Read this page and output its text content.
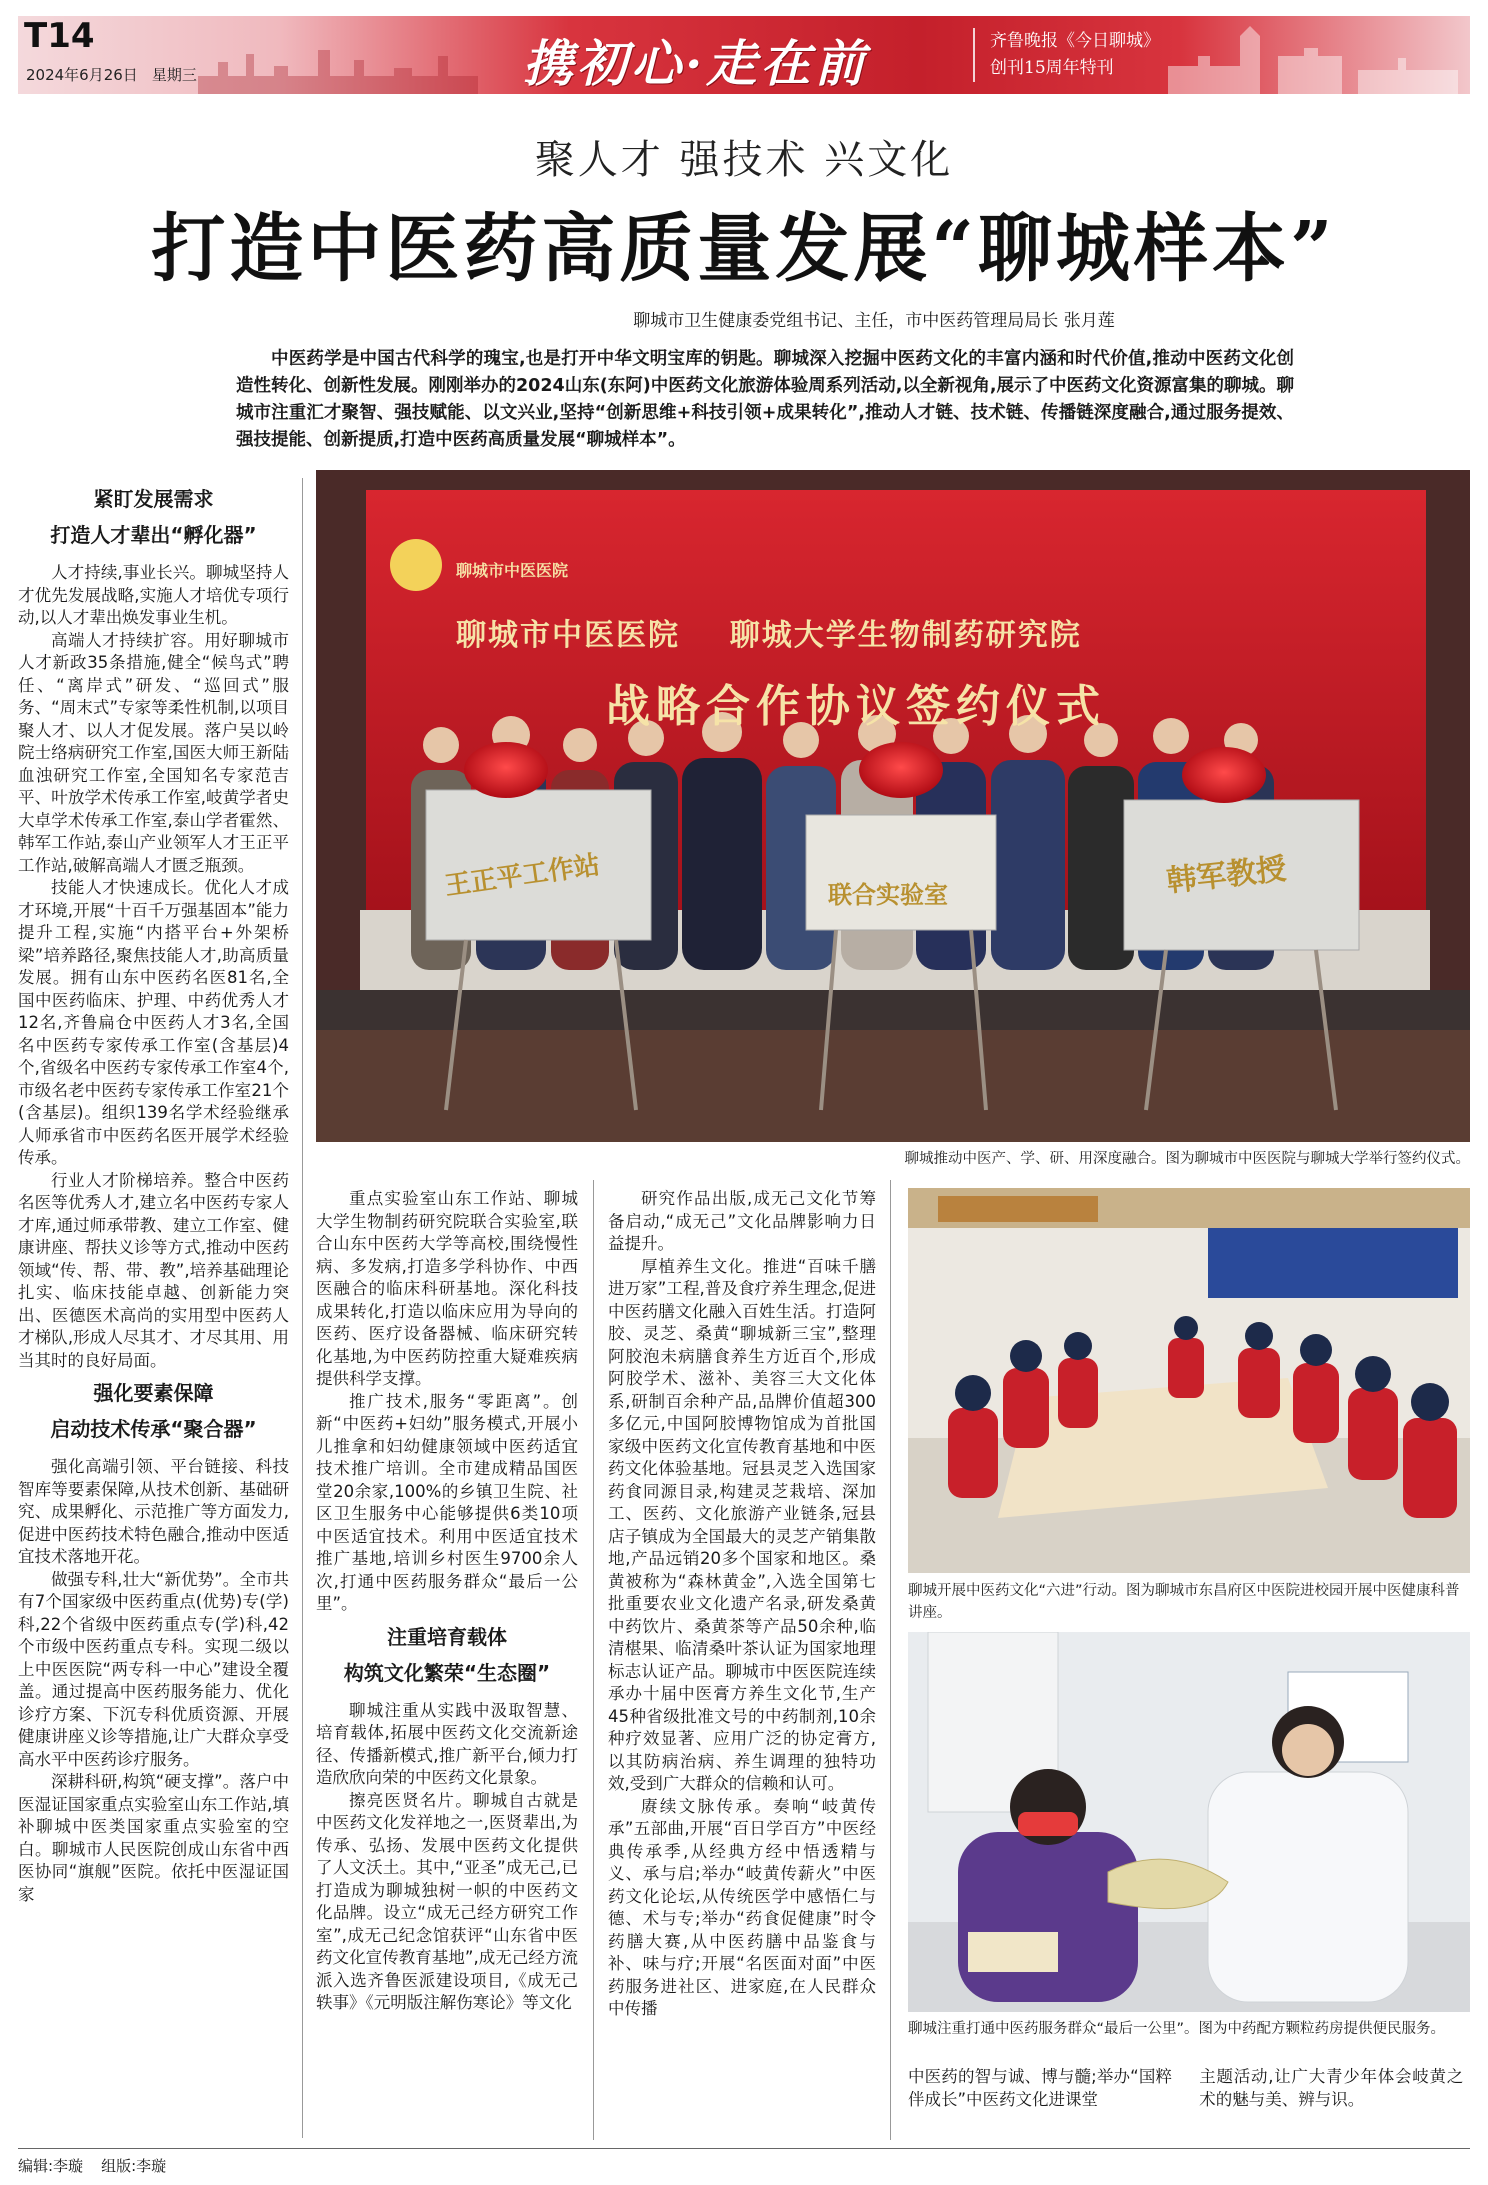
T14
2024年6月26日 星期三	携初心·走在前	齐鲁晚报《今日聊城》
创刊15周年特刊
聚人才 强技术 兴文化
打造中医药高质量发展“聊城样本”
聊城市卫生健康委党组书记、主任，市中医药管理局局长 张月莲
中医药学是中国古代科学的瑰宝,也是打开中华文明宝库的钥匙。聊城深入挖掘中医药文化的丰富内涵和时代价值,推动中医药文化创造性转化、创新性发展。刚刚举办的2024山东(东阿)中医药文化旅游体验周系列活动,以全新视角,展示了中医药文化资源富集的聊城。聊城市注重汇才聚智、强技赋能、以文兴业,坚持“创新思维+科技引领+成果转化”,推动人才链、技术链、传播链深度融合,通过服务提效、强技提能、创新提质,打造中医药高质量发展“聊城样本”。

紧盯发展需求

打造人才辈出“孵化器”

人才持续,事业长兴。聊城坚持人才优先发展战略,实施人才培优专项行动,以人才辈出焕发事业生机。

高端人才持续扩容。用好聊城市人才新政35条措施,健全“候鸟式”聘任、“离岸式”研发、“巡回式”服务、“周末式”专家等柔性机制,以项目聚人才、以人才促发展。落户吴以岭院士络病研究工作室,国医大师王新陆血浊研究工作室,全国知名专家范吉平、叶放学术传承工作室,岐黄学者史大卓学术传承工作室,泰山学者霍然、韩军工作站,泰山产业领军人才王正平工作站,破解高端人才匮乏瓶颈。

技能人才快速成长。优化人才成才环境,开展“十百千万强基固本”能力提升工程,实施“内搭平台+外架桥梁”培养路径,聚焦技能人才,助高质量发展。拥有山东中医药名医81名,全国中医药临床、护理、中药优秀人才12名,齐鲁扁仓中医药人才3名,全国名中医药专家传承工作室(含基层)4个,省级名中医药专家传承工作室4个,市级名老中医药专家传承工作室21个(含基层)。组织139名学术经验继承人师承省市中医药名医开展学术经验传承。

行业人才阶梯培养。整合中医药名医等优秀人才,建立名中医药专家人才库,通过师承带教、建立工作室、健康讲座、帮扶义诊等方式,推动中医药领域“传、帮、带、教”,培养基础理论扎实、临床技能卓越、创新能力突出、医德医术高尚的实用型中医药人才梯队,形成人尽其才、才尽其用、用当其时的良好局面。

强化要素保障

启动技术传承“聚合器”

强化高端引领、平台链接、科技智库等要素保障,从技术创新、基础研究、成果孵化、示范推广等方面发力,促进中医药技术特色融合,推动中医适宜技术落地开花。

做强专科,壮大“新优势”。全市共有7个国家级中医药重点(优势)专(学)科,22个省级中医药重点专(学)科,42个市级中医药重点专科。实现二级以上中医医院“两专科一中心”建设全覆盖。通过提高中医药服务能力、优化诊疗方案、下沉专科优质资源、开展健康讲座义诊等措施,让广大群众享受高水平中医药诊疗服务。

深耕科研,构筑“硬支撑”。落户中医湿证国家重点实验室山东工作站,填补聊城中医类国家重点实验室的空白。聊城市人民医院创成山东省中西医协同“旗舰”医院。依托中医湿证国家

聊城市中医医院
聊城市中医医院    聊城大学生物制药研究院
战略合作协议签约仪式
王正平工作站	联合实验室	韩军教授
聊城推动中医产、学、研、用深度融合。图为聊城市中医医院与聊城大学举行签约仪式。

重点实验室山东工作站、聊城大学生物制药研究院联合实验室,联合山东中医药大学等高校,围绕慢性病、多发病,打造多学科协作、中西医融合的临床科研基地。深化科技成果转化,打造以临床应用为导向的医药、医疗设备器械、临床研究转化基地,为中医药防控重大疑难疾病提供科学支撑。

推广技术,服务“零距离”。创新“中医药+妇幼”服务模式,开展小儿推拿和妇幼健康领域中医药适宜技术推广培训。全市建成精品国医堂20余家,100%的乡镇卫生院、社区卫生服务中心能够提供6类10项中医适宜技术。利用中医适宜技术推广基地,培训乡村医生9700余人次,打通中医药服务群众“最后一公里”。

注重培育载体

构筑文化繁荣“生态圈”

聊城注重从实践中汲取智慧、培育载体,拓展中医药文化交流新途径、传播新模式,推广新平台,倾力打造欣欣向荣的中医药文化景象。

擦亮医贤名片。聊城自古就是中医药文化发祥地之一,医贤辈出,为传承、弘扬、发展中医药文化提供了人文沃土。其中,“亚圣”成无己,已打造成为聊城独树一帜的中医药文化品牌。设立“成无己经方研究工作室”,成无己纪念馆获评“山东省中医药文化宣传教育基地”,成无己经方流派入选齐鲁医派建设项目,《成无己轶事》《元明版注解伤寒论》等文化

研究作品出版,成无己文化节筹备启动,“成无己”文化品牌影响力日益提升。

厚植养生文化。推进“百味千膳进万家”工程,普及食疗养生理念,促进中医药膳文化融入百姓生活。打造阿胶、灵芝、桑黄“聊城新三宝”,整理阿胶泡未病膳食养生方近百个,形成阿胶学术、滋补、美容三大文化体系,研制百余种产品,品牌价值超300多亿元,中国阿胶博物馆成为首批国家级中医药文化宣传教育基地和中医药文化体验基地。冠县灵芝入选国家药食同源目录,构建灵芝栽培、深加工、医药、文化旅游产业链条,冠县店子镇成为全国最大的灵芝产销集散地,产品远销20多个国家和地区。桑黄被称为“森林黄金”,入选全国第七批重要农业文化遗产名录,研发桑黄中药饮片、桑黄茶等产品50余种,临清椹果、临清桑叶茶认证为国家地理标志认证产品。聊城市中医医院连续承办十届中医膏方养生文化节,生产45种省级批准文号的中药制剂,10余种疗效显著、应用广泛的协定膏方,以其防病治病、养生调理的独特功效,受到广大群众的信赖和认可。

赓续文脉传承。奏响“岐黄传承”五部曲,开展“百日学百方”中医经典传承季,从经典方经中悟透精与义、承与启;举办“岐黄传薪火”中医药文化论坛,从传统医学中感悟仁与德、术与专;举办“药食促健康”时令药膳大赛,从中医药膳中品鉴食与补、味与疗;开展“名医面对面”中医药服务进社区、进家庭,在人民群众中传播

聊城开展中医药文化“六进”行动。图为聊城市东昌府区中医院进校园开展中医健康科普讲座。
聊城注重打通中医药服务群众“最后一公里”。图为中药配方颗粒药房提供便民服务。
中医药的智与诚、博与髓;举办“国粹伴成长”中医药文化进课堂 主题活动,让广大青少年体会岐黄之术的魅与美、辨与识。
编辑:李璇 组版:李璇
